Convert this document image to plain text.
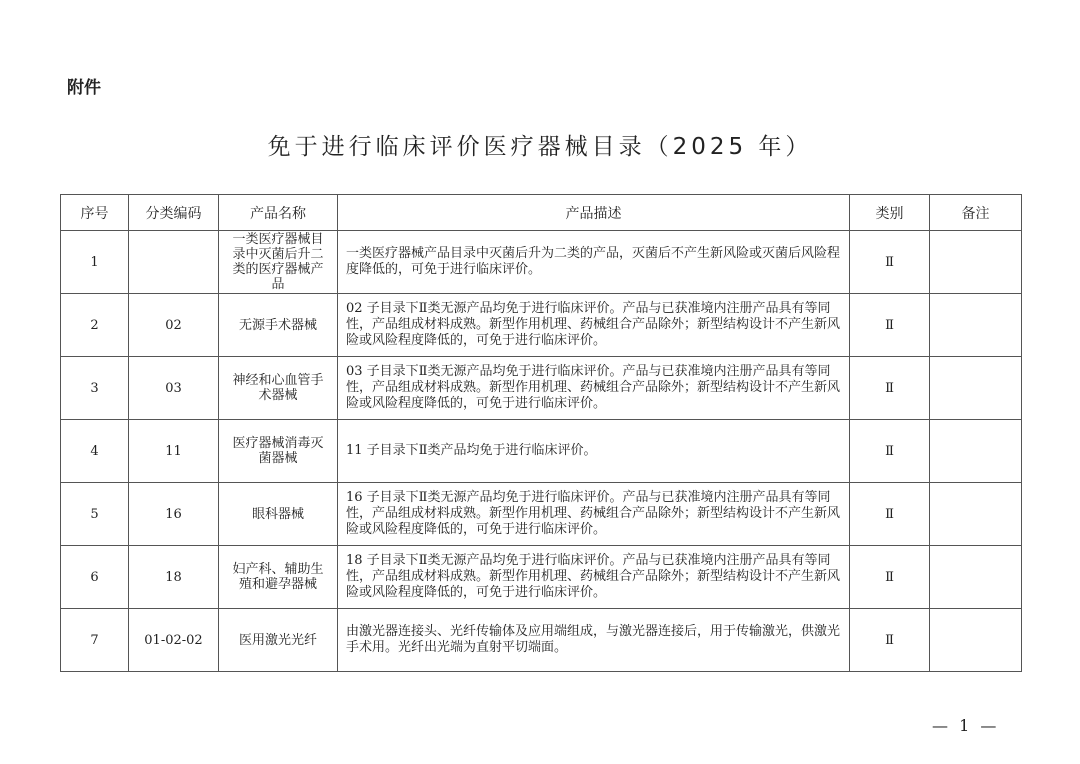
附件
免于进行临床评价医疗器械目录（2025 年）
序号	分类编码	产品名称	产品描述	类别	备注
1		一类医疗器械目录中灭菌后升二类的医疗器械产品	一类医疗器械产品目录中灭菌后升为二类的产品，灭菌后不产生新风险或灭菌后风险程度降低的，可免于进行临床评价。	Ⅱ	
2	02	无源手术器械	02 子目录下Ⅱ类无源产品均免于进行临床评价。产品与已获准境内注册产品具有等同性，产品组成材料成熟。新型作用机理、药械组合产品除外；新型结构设计不产生新风险或风险程度降低的，可免于进行临床评价。	Ⅱ	
3	03	神经和心血管手术器械	03 子目录下Ⅱ类无源产品均免于进行临床评价。产品与已获准境内注册产品具有等同性，产品组成材料成熟。新型作用机理、药械组合产品除外；新型结构设计不产生新风险或风险程度降低的，可免于进行临床评价。	Ⅱ	
4	11	医疗器械消毒灭菌器械	11 子目录下Ⅱ类产品均免于进行临床评价。	Ⅱ	
5	16	眼科器械	16 子目录下Ⅱ类无源产品均免于进行临床评价。产品与已获准境内注册产品具有等同性，产品组成材料成熟。新型作用机理、药械组合产品除外；新型结构设计不产生新风险或风险程度降低的，可免于进行临床评价。	Ⅱ	
6	18	妇产科、辅助生殖和避孕器械	18 子目录下Ⅱ类无源产品均免于进行临床评价。产品与已获准境内注册产品具有等同性，产品组成材料成熟。新型作用机理、药械组合产品除外；新型结构设计不产生新风险或风险程度降低的，可免于进行临床评价。	Ⅱ	
7	01-02-02	医用激光光纤	由激光器连接头、光纤传输体及应用端组成，与激光器连接后，用于传输激光，供激光手术用。光纤出光端为直射平切端面。	Ⅱ	
— 1 —
